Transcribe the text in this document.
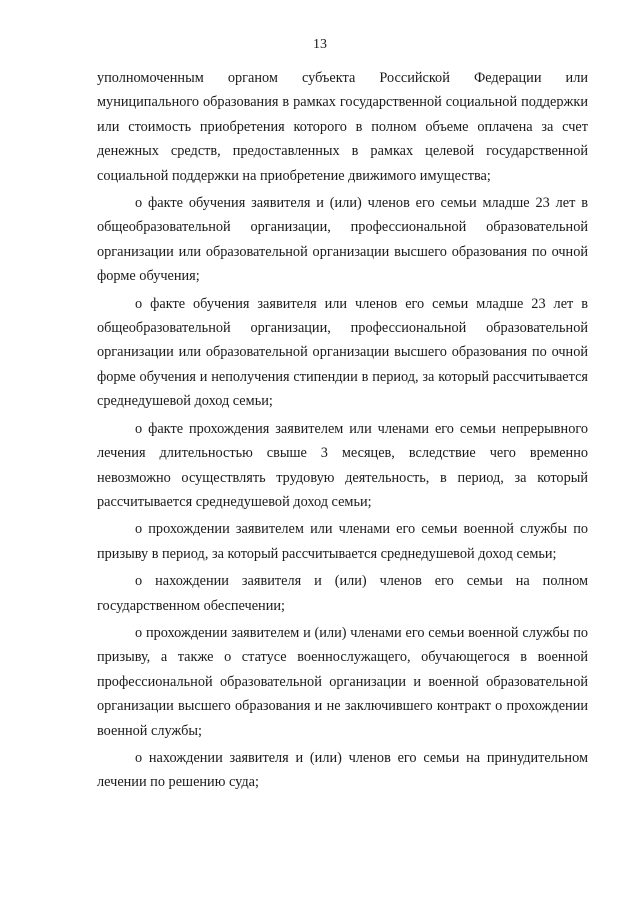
13

уполномоченным органом субъекта Российской Федерации или муниципального образования в рамках государственной социальной поддержки или стоимость приобретения которого в полном объеме оплачена за счет денежных средств, предоставленных в рамках целевой государственной социальной поддержки на приобретение движимого имущества;

о факте обучения заявителя и (или) членов его семьи младше 23 лет в общеобразовательной организации, профессиональной образовательной организации или образовательной организации высшего образования по очной форме обучения;

о факте обучения заявителя или членов его семьи младше 23 лет в общеобразовательной организации, профессиональной образовательной организации или образовательной организации высшего образования по очной форме обучения и неполучения стипендии в период, за который рассчитывается среднедушевой доход семьи;

о факте прохождения заявителем или членами его семьи непрерывного лечения длительностью свыше 3 месяцев, вследствие чего временно невозможно осуществлять трудовую деятельность, в период, за который рассчитывается среднедушевой доход семьи;

о прохождении заявителем или членами его семьи военной службы по призыву в период, за который рассчитывается среднедушевой доход семьи;

о нахождении заявителя и (или) членов его семьи на полном государственном обеспечении;

о прохождении заявителем и (или) членами его семьи военной службы по призыву, а также о статусе военнослужащего, обучающегося в военной профессиональной образовательной организации и военной образовательной организации высшего образования и не заключившего контракт о прохождении военной службы;

о нахождении заявителя и (или) членов его семьи на принудительном лечении по решению суда;
